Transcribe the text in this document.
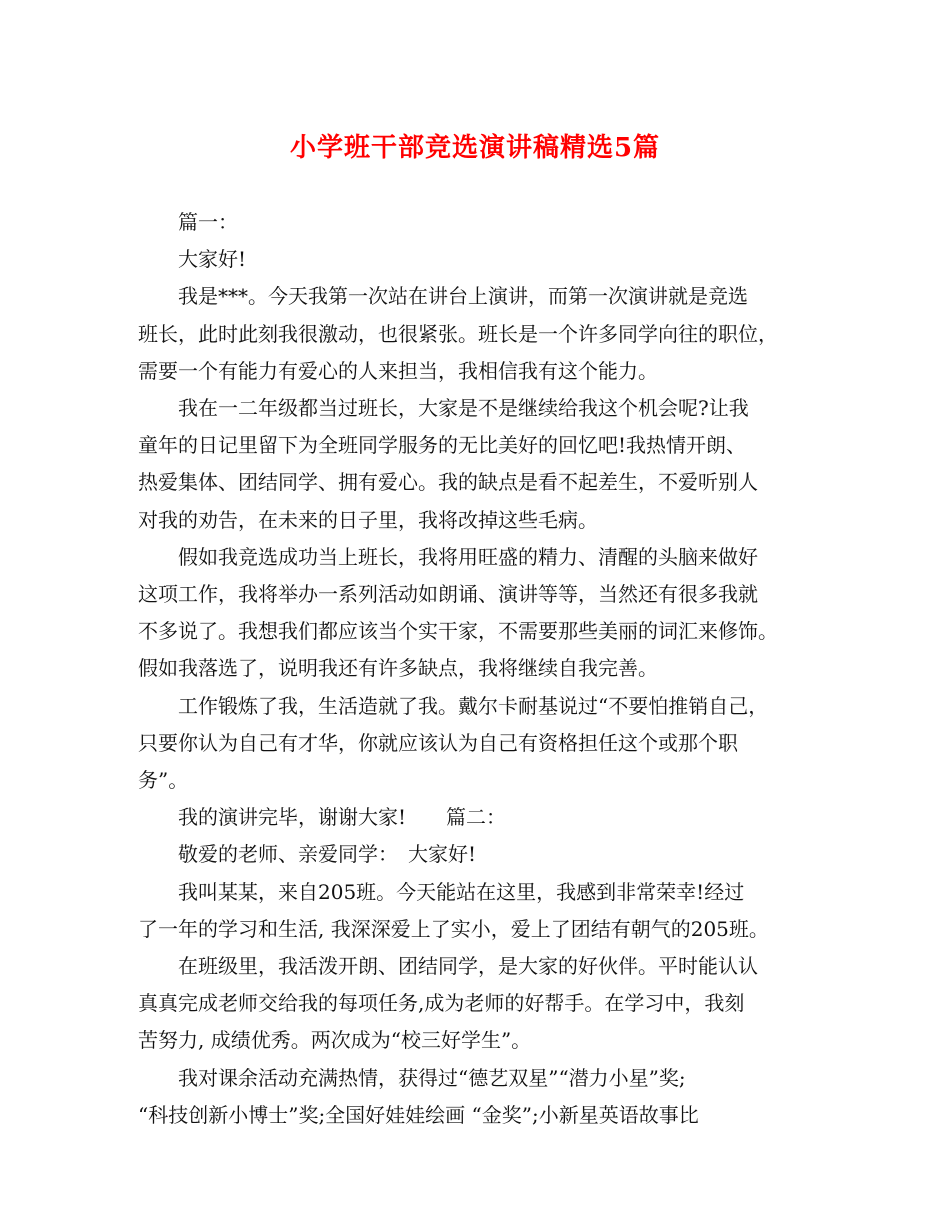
小学班干部竞选演讲稿精选5篇

篇一：

大家好!

我是***。今天我第一次站在讲台上演讲，而第一次演讲就是竞选
班长，此时此刻我很激动，也很紧张。班长是一个许多同学向往的职位，
需要一个有能力有爱心的人来担当，我相信我有这个能力。

我在一二年级都当过班长，大家是不是继续给我这个机会呢?让我
童年的日记里留下为全班同学服务的无比美好的回忆吧!我热情开朗、
热爱集体、团结同学、拥有爱心。我的缺点是看不起差生，不爱听别人
对我的劝告，在未来的日子里，我将改掉这些毛病。

假如我竞选成功当上班长，我将用旺盛的精力、清醒的头脑来做好
这项工作，我将举办一系列活动如朗诵、演讲等等，当然还有很多我就
不多说了。我想我们都应该当个实干家，不需要那些美丽的词汇来修饰。
假如我落选了，说明我还有许多缺点，我将继续自我完善。

工作锻炼了我，生活造就了我。戴尔卡耐基说过“不要怕推销自己，
只要你认为自己有才华，你就应该认为自己有资格担任这个或那个职
务”。

我的演讲完毕，谢谢大家!　　篇二：

敬爱的老师、亲爱同学：　大家好!

我叫某某，来自205班。今天能站在这里，我感到非常荣幸!经过
了一年的学习和生活, 我深深爱上了实小，爱上了团结有朝气的205班。

在班级里，我活泼开朗、团结同学，是大家的好伙伴。平时能认认
真真完成老师交给我的每项任务,成为老师的好帮手。在学习中，我刻
苦努力, 成绩优秀。两次成为“校三好学生”。

我对课余活动充满热情，获得过“德艺双星”“潜力小星”奖;
“科技创新小博士”奖;全国好娃娃绘画 “金奖”;小新星英语故事比
